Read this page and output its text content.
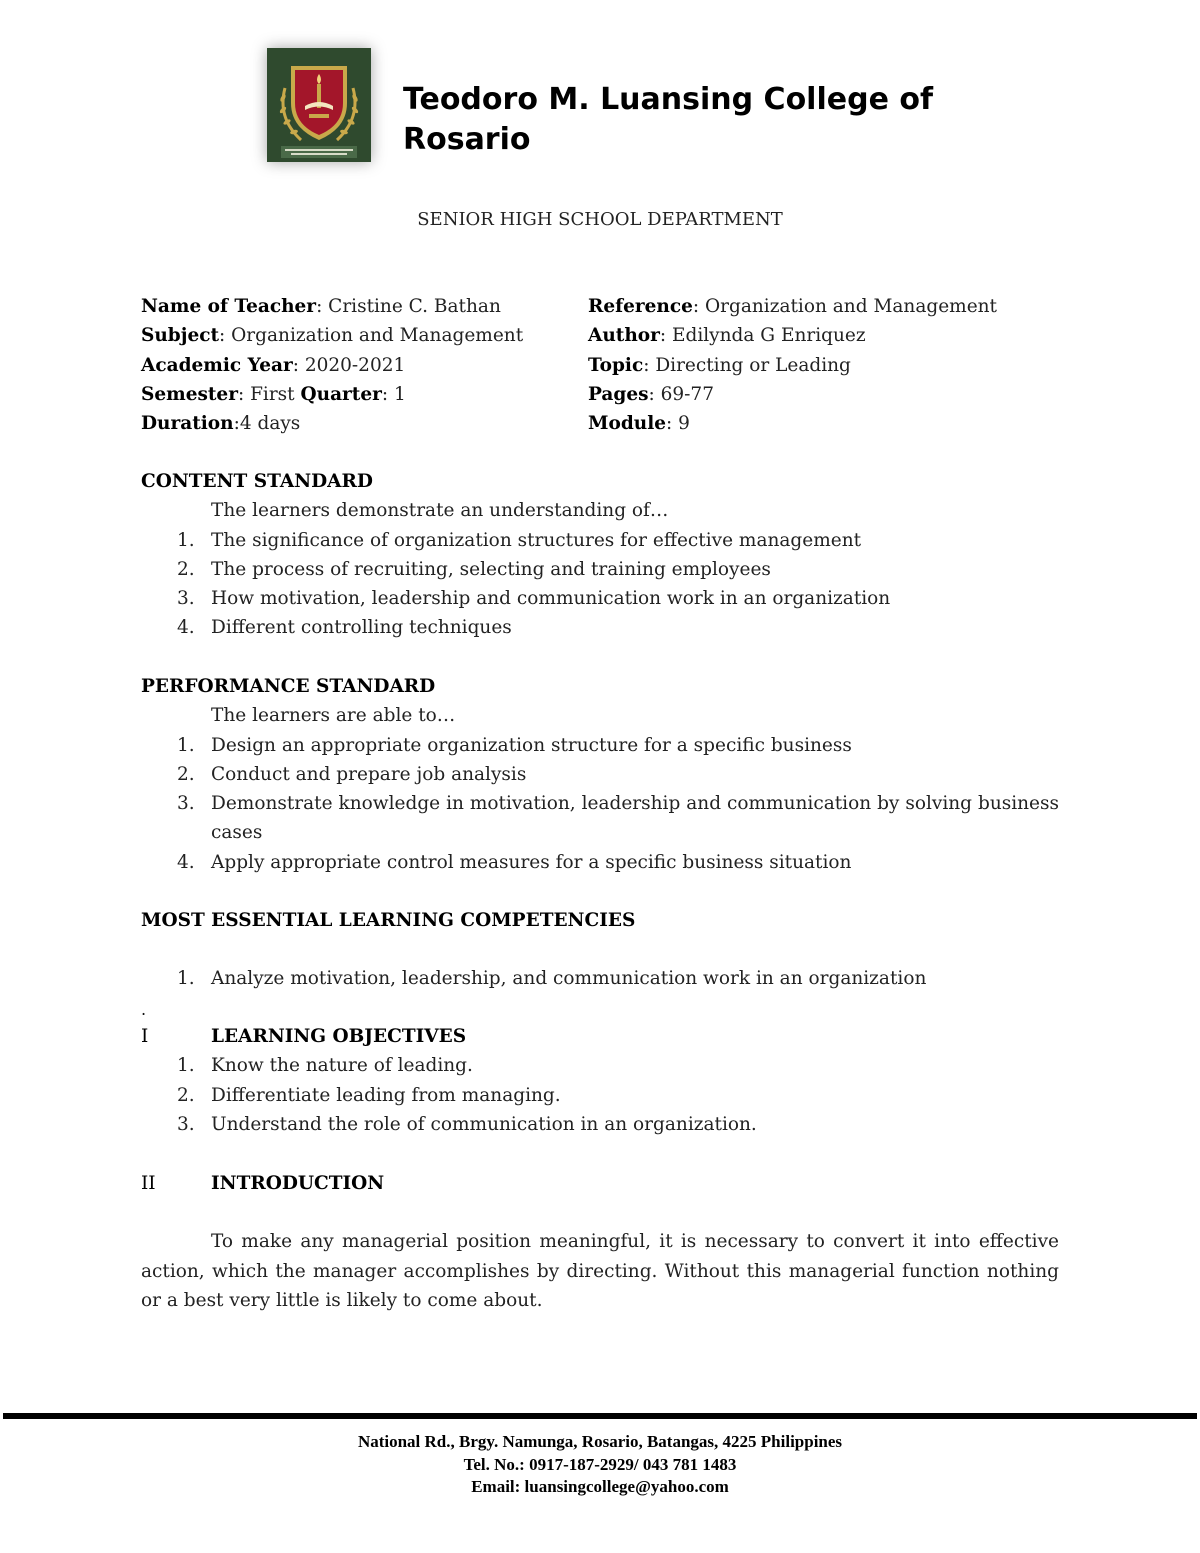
Teodoro M. Luansing College of Rosario
SENIOR HIGH SCHOOL DEPARTMENT
Name of Teacher: Cristine C. Bathan
Subject: Organization and Management
Academic Year: 2020-2021
Semester: First Quarter: 1
Duration:4 days
Reference: Organization and Management
Author: Edilynda G Enriquez
Topic: Directing or Leading
Pages: 69-77
Module: 9
CONTENT STANDARD
The learners demonstrate an understanding of…
1. The significance of organization structures for effective management
2. The process of recruiting, selecting and training employees
3. How motivation, leadership and communication work in an organization
4. Different controlling techniques
PERFORMANCE STANDARD
The learners are able to…
1. Design an appropriate organization structure for a specific business
2. Conduct and prepare job analysis
3. Demonstrate knowledge in motivation, leadership and communication by solving business cases
4. Apply appropriate control measures for a specific business situation
MOST ESSENTIAL LEARNING COMPETENCIES
1. Analyze motivation, leadership, and communication work in an organization
.
I	LEARNING OBJECTIVES
1. Know the nature of leading.
2. Differentiate leading from managing.
3. Understand the role of communication in an organization.
II	INTRODUCTION
To make any managerial position meaningful, it is necessary to convert it into effective action, which the manager accomplishes by directing. Without this managerial function nothing or a best very little is likely to come about.
National Rd., Brgy. Namunga, Rosario, Batangas, 4225 Philippines
Tel. No.: 0917-187-2929/ 043 781 1483
Email: luansingcollege@yahoo.com
